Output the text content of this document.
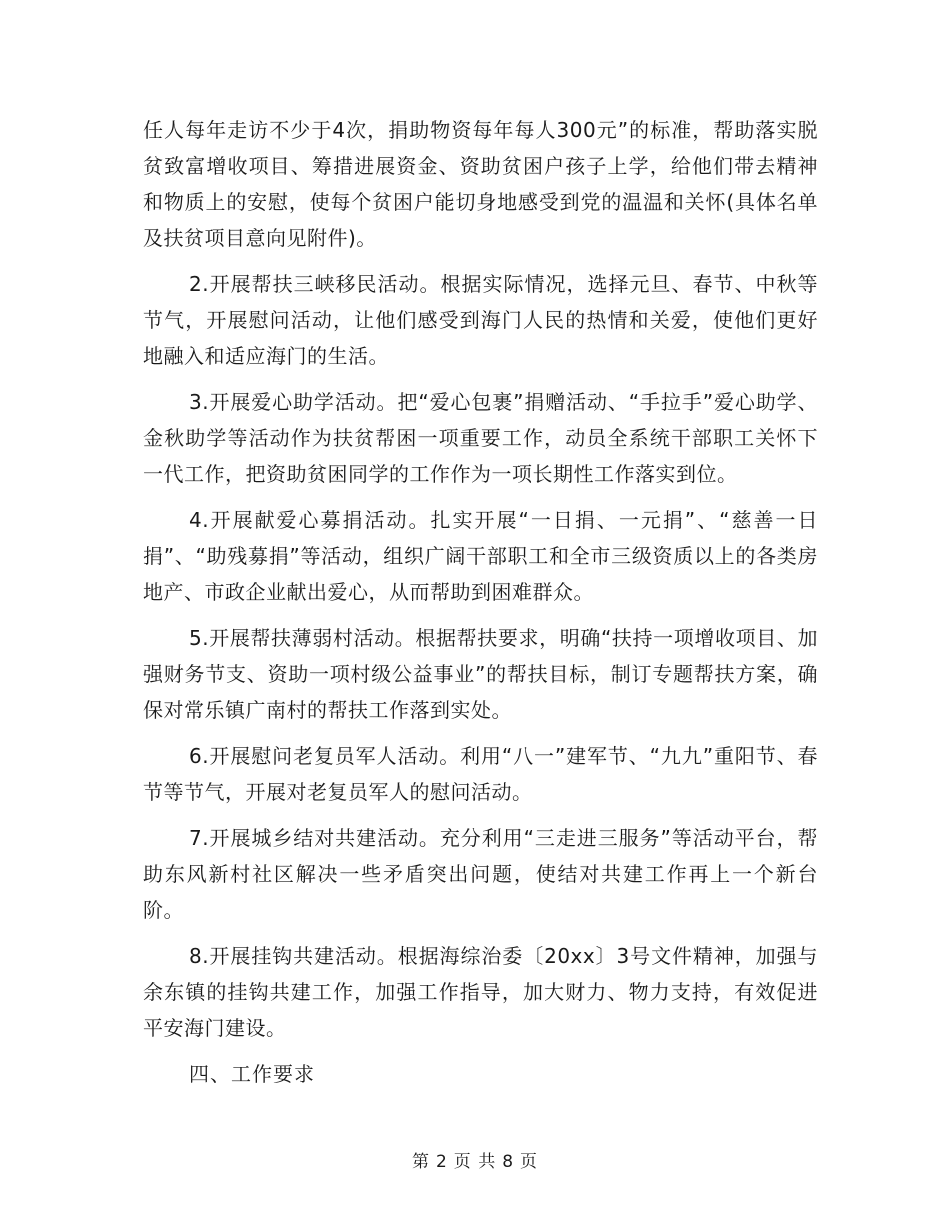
任人每年走访不少于4次，捐助物资每年每人300元”的标准，帮助落实脱贫致富增收项目、筹措进展资金、资助贫困户孩子上学，给他们带去精神和物质上的安慰，使每个贫困户能切身地感受到党的温温和关怀(具体名单及扶贫项目意向见附件)。

2.开展帮扶三峡移民活动。根据实际情况，选择元旦、春节、中秋等节气，开展慰问活动，让他们感受到海门人民的热情和关爱，使他们更好地融入和适应海门的生活。

3.开展爱心助学活动。把“爱心包裹”捐赠活动、“手拉手”爱心助学、金秋助学等活动作为扶贫帮困一项重要工作，动员全系统干部职工关怀下一代工作，把资助贫困同学的工作作为一项长期性工作落实到位。

4.开展献爱心募捐活动。扎实开展“一日捐、一元捐”、“慈善一日捐”、“助残募捐”等活动，组织广阔干部职工和全市三级资质以上的各类房地产、市政企业献出爱心，从而帮助到困难群众。

5.开展帮扶薄弱村活动。根据帮扶要求，明确“扶持一项增收项目、加强财务节支、资助一项村级公益事业”的帮扶目标，制订专题帮扶方案，确保对常乐镇广南村的帮扶工作落到实处。

6.开展慰问老复员军人活动。利用“八一”建军节、“九九”重阳节、春节等节气，开展对老复员军人的慰问活动。

7.开展城乡结对共建活动。充分利用“三走进三服务”等活动平台，帮助东风新村社区解决一些矛盾突出问题，使结对共建工作再上一个新台阶。

8.开展挂钩共建活动。根据海综治委〔20xx〕3号文件精神，加强与余东镇的挂钩共建工作，加强工作指导，加大财力、物力支持，有效促进平安海门建设。

四、工作要求

第 2 页 共 8 页
